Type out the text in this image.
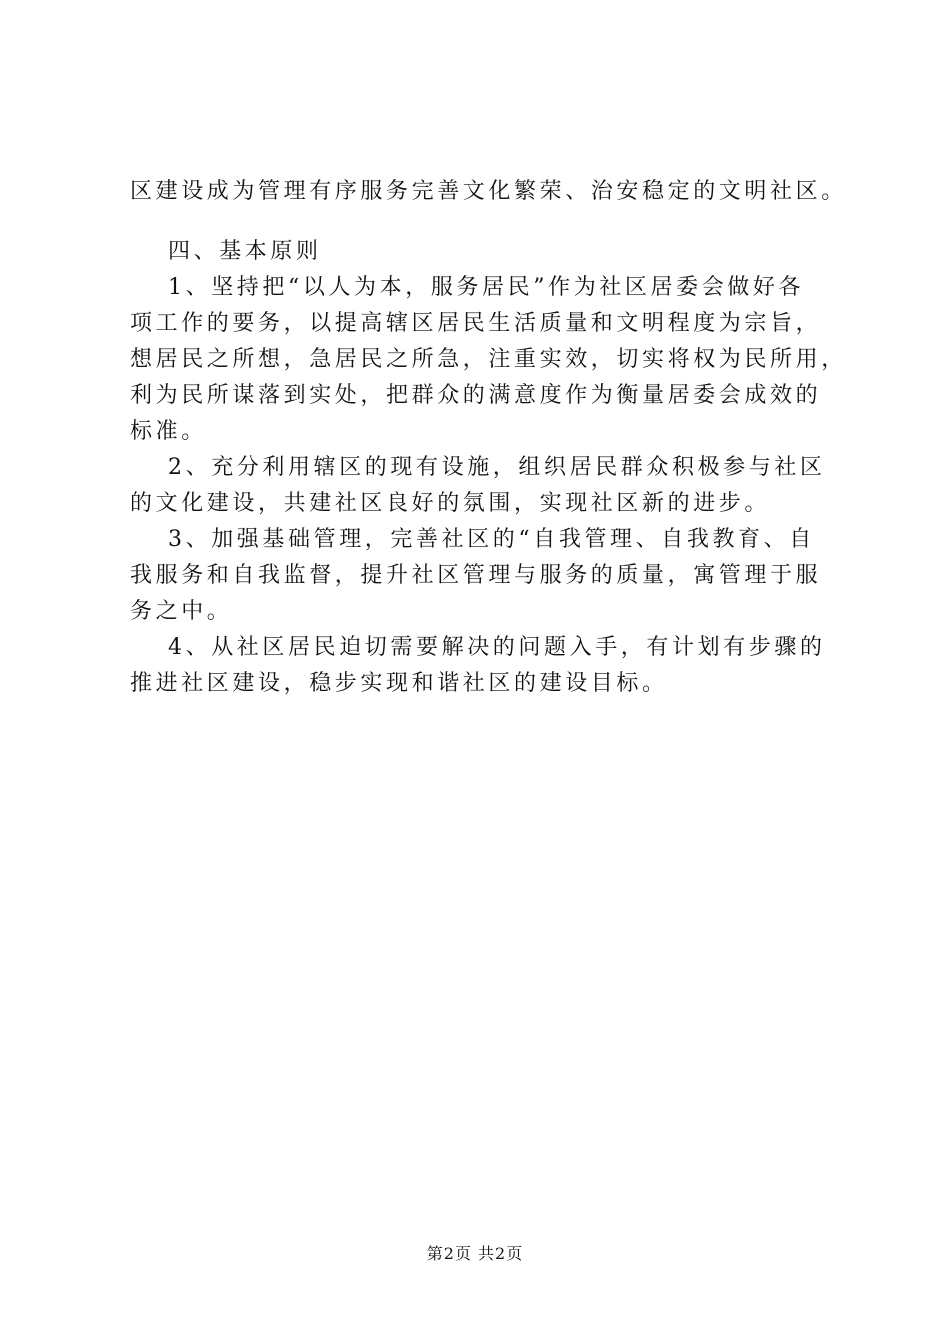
区建设成为管理有序服务完善文化繁荣、治安稳定的文明社区。

四、基本原则

1、坚持把“以人为本，服务居民”作为社区居委会做好各

项工作的要务，以提高辖区居民生活质量和文明程度为宗旨，

想居民之所想，急居民之所急，注重实效，切实将权为民所用，

利为民所谋落到实处，把群众的满意度作为衡量居委会成效的

标准。

2、充分利用辖区的现有设施，组织居民群众积极参与社区

的文化建设，共建社区良好的氛围，实现社区新的进步。

3、加强基础管理，完善社区的“自我管理、自我教育、自

我服务和自我监督，提升社区管理与服务的质量，寓管理于服

务之中。

4、从社区居民迫切需要解决的问题入手，有计划有步骤的

推进社区建设，稳步实现和谐社区的建设目标。

第2页 共2页
